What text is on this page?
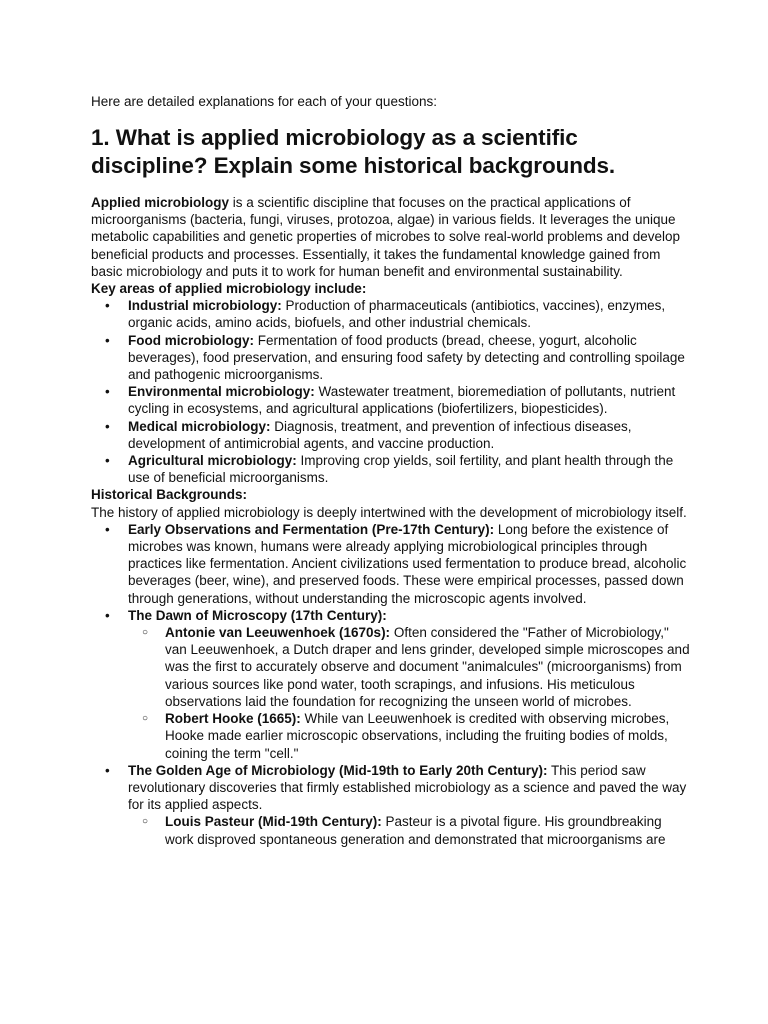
Here are detailed explanations for each of your questions:

1. What is applied microbiology as a scientific discipline? Explain some historical backgrounds.

Applied microbiology is a scientific discipline that focuses on the practical applications of microorganisms (bacteria, fungi, viruses, protozoa, algae) in various fields. It leverages the unique metabolic capabilities and genetic properties of microbes to solve real-world problems and develop beneficial products and processes. Essentially, it takes the fundamental knowledge gained from basic microbiology and puts it to work for human benefit and environmental sustainability.

Key areas of applied microbiology include:
• Industrial microbiology: Production of pharmaceuticals (antibiotics, vaccines), enzymes, organic acids, amino acids, biofuels, and other industrial chemicals.
• Food microbiology: Fermentation of food products (bread, cheese, yogurt, alcoholic beverages), food preservation, and ensuring food safety by detecting and controlling spoilage and pathogenic microorganisms.
• Environmental microbiology: Wastewater treatment, bioremediation of pollutants, nutrient cycling in ecosystems, and agricultural applications (biofertilizers, biopesticides).
• Medical microbiology: Diagnosis, treatment, and prevention of infectious diseases, development of antimicrobial agents, and vaccine production.
• Agricultural microbiology: Improving crop yields, soil fertility, and plant health through the use of beneficial microorganisms.
Historical Backgrounds:

The history of applied microbiology is deeply intertwined with the development of microbiology itself.

• Early Observations and Fermentation (Pre-17th Century): Long before the existence of microbes was known, humans were already applying microbiological principles through practices like fermentation. Ancient civilizations used fermentation to produce bread, alcoholic beverages (beer, wine), and preserved foods. These were empirical processes, passed down through generations, without understanding the microscopic agents involved.
• The Dawn of Microscopy (17th Century):
○ Antonie van Leeuwenhoek (1670s): Often considered the "Father of Microbiology," van Leeuwenhoek, a Dutch draper and lens grinder, developed simple microscopes and was the first to accurately observe and document "animalcules" (microorganisms) from various sources like pond water, tooth scrapings, and infusions. His meticulous observations laid the foundation for recognizing the unseen world of microbes.
○ Robert Hooke (1665): While van Leeuwenhoek is credited with observing microbes, Hooke made earlier microscopic observations, including the fruiting bodies of molds, coining the term "cell."
• The Golden Age of Microbiology (Mid-19th to Early 20th Century): This period saw revolutionary discoveries that firmly established microbiology as a science and paved the way for its applied aspects.
○ Louis Pasteur (Mid-19th Century): Pasteur is a pivotal figure. His groundbreaking work disproved spontaneous generation and demonstrated that microorganisms are
